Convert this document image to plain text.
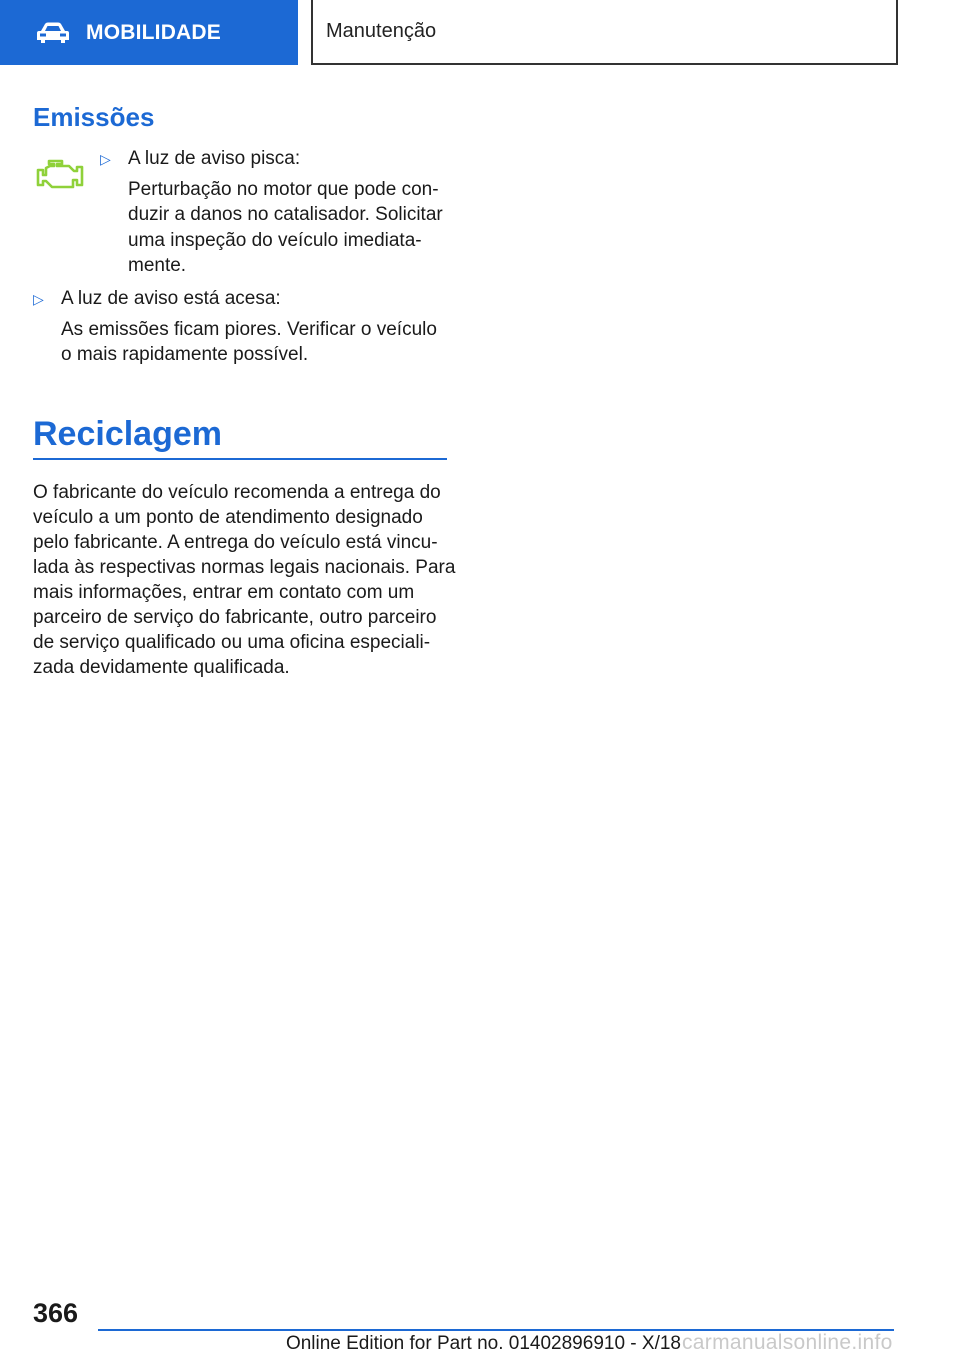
MOBILIDADE	Manutenção
Emissões
▷ A luz de aviso pisca:
Perturbação no motor que pode con-
duzir a danos no catalisador. Solicitar
uma inspeção do veículo imediata-
mente.
▷ A luz de aviso está acesa:
As emissões ficam piores. Verificar o veículo
o mais rapidamente possível.
Reciclagem
O fabricante do veículo recomenda a entrega do
veículo a um ponto de atendimento designado
pelo fabricante. A entrega do veículo está vincu-
lada às respectivas normas legais nacionais. Para
mais informações, entrar em contato com um
parceiro de serviço do fabricante, outro parceiro
de serviço qualificado ou uma oficina especiali-
zada devidamente qualificada.
366
Online Edition for Part no. 01402896910 - X/18 carmanualsonline.info
